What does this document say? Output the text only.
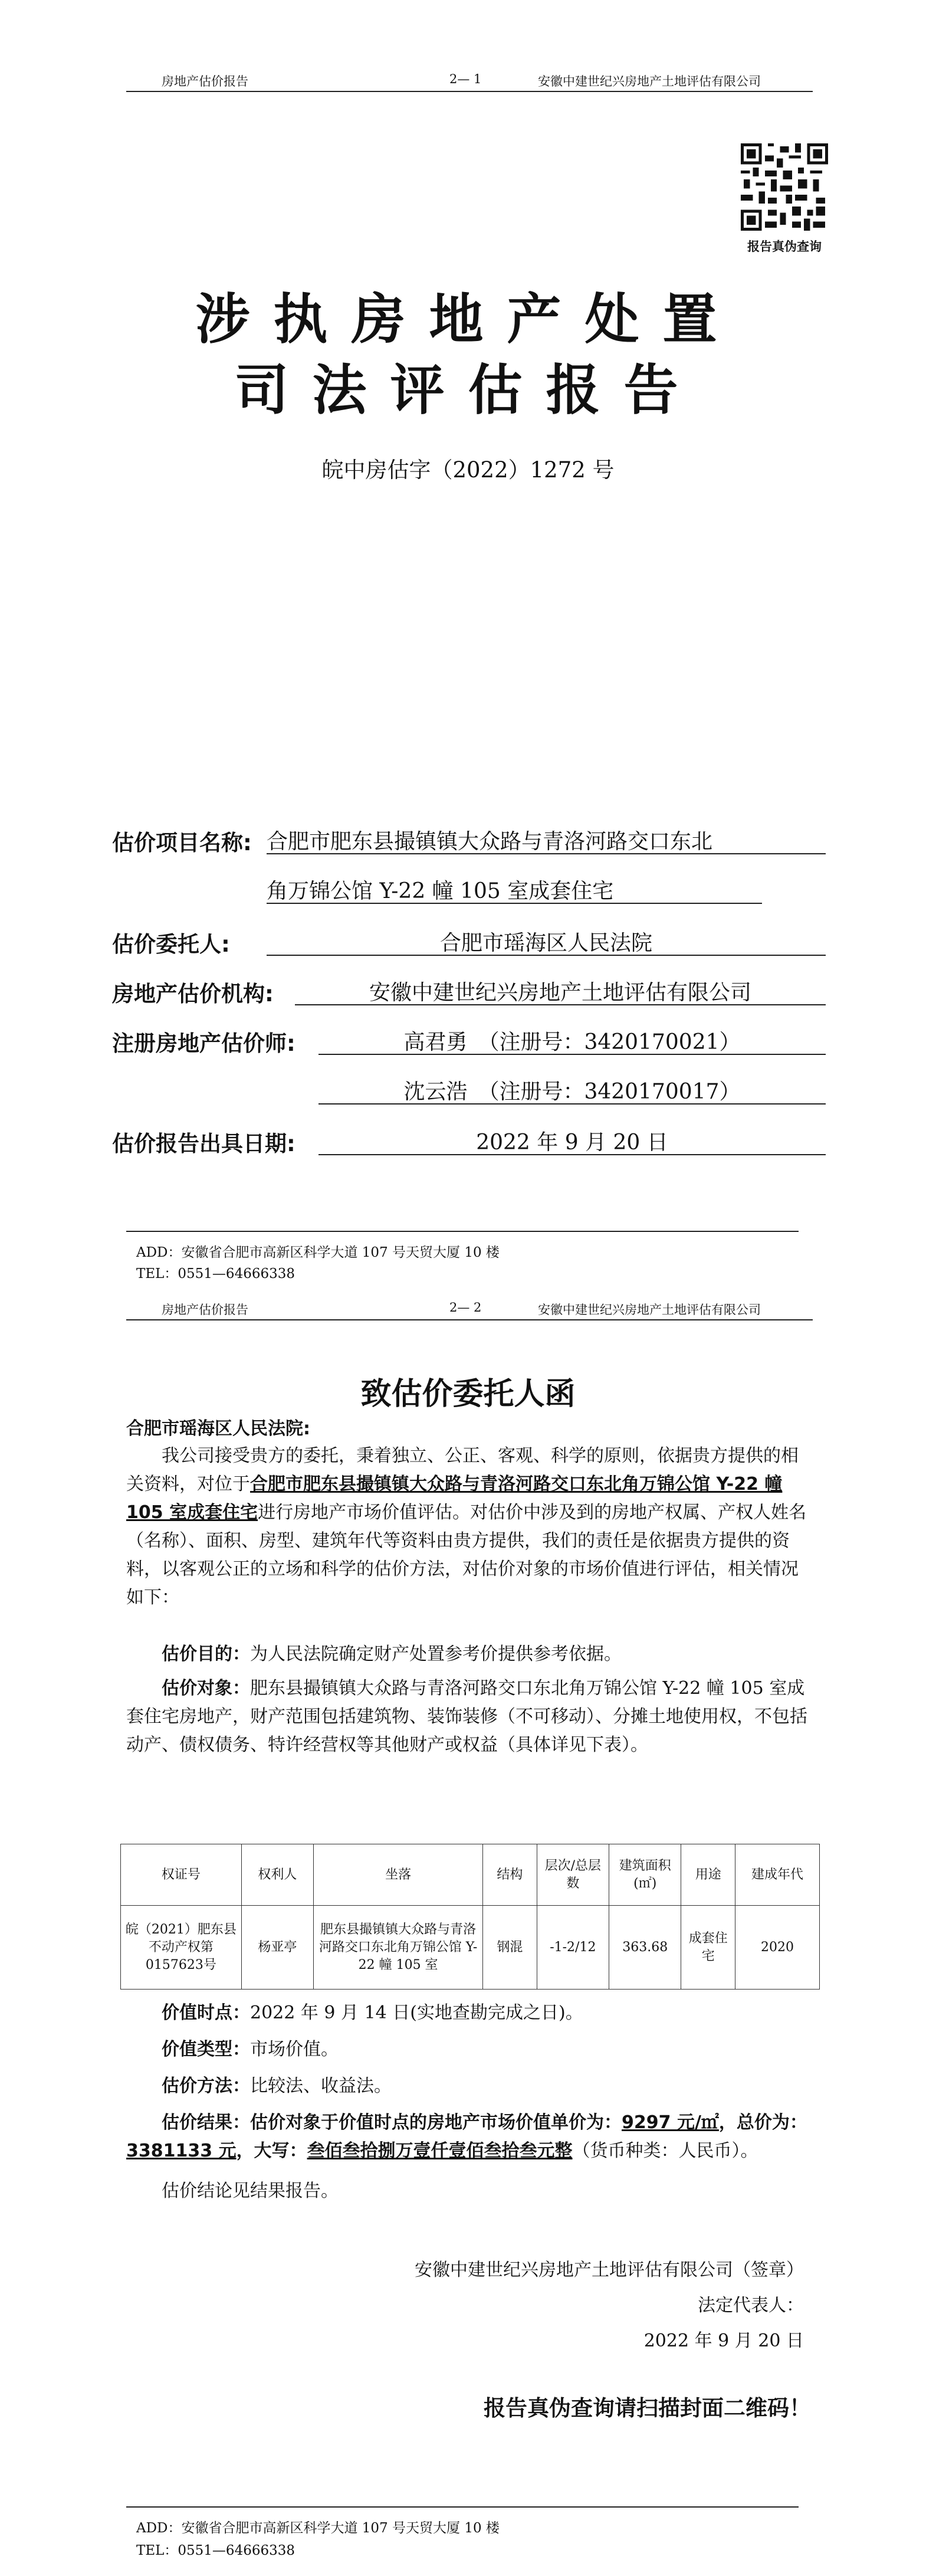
房地产估价报告	2— 1	安徽中建世纪兴房地产土地评估有限公司
报告真伪查询
涉执房地产处置
司法评估报告
皖中房估字（2022）1272 号
估价项目名称: 合肥市肥东县撮镇镇大众路与青洛河路交口东北
角万锦公馆 Y-22 幢 105 室成套住宅
估价委托人:	合肥市瑶海区人民法院
房地产估价机构:	安徽中建世纪兴房地产土地评估有限公司
注册房地产估价师:	高君勇　（注册号：3420170021）
沈云浩　（注册号：3420170017）
估价报告出具日期:	2022 年 9 月 20 日
ADD：安徽省合肥市高新区科学大道 107 号天贸大厦 10 楼
TEL：0551—64666338
房地产估价报告	2— 2	安徽中建世纪兴房地产土地评估有限公司
致估价委托人函
合肥市瑶海区人民法院:
我公司接受贵方的委托，秉着独立、公正、客观、科学的原则，依据贵方提供的相关资料，对位于合肥市肥东县撮镇镇大众路与青洛河路交口东北角万锦公馆 Y-22 幢 105 室成套住宅进行房地产市场价值评估。对估价中涉及到的房地产权属、产权人姓名（名称）、面积、房型、建筑年代等资料由贵方提供，我们的责任是依据贵方提供的资料，以客观公正的立场和科学的估价方法，对估价对象的市场价值进行评估，相关情况如下：
估价目的：为人民法院确定财产处置参考价提供参考依据。
估价对象：肥东县撮镇镇大众路与青洛河路交口东北角万锦公馆 Y-22 幢 105 室成套住宅房地产，财产范围包括建筑物、装饰装修（不可移动）、分摊土地使用权，不包括动产、债权债务、特许经营权等其他财产或权益（具体详见下表）。
权证号	权利人	坐落	结构	层次/总层数	建筑面积(㎡)	用途	建成年代
皖（2021）肥东县不动产权第0157623号	杨亚亭	肥东县撮镇镇大众路与青洛河路交口东北角万锦公馆 Y-22 幢 105 室	钢混	-1-2/12	363.68	成套住宅	2020
价值时点：2022 年 9 月 14 日(实地查勘完成之日)。
价值类型：市场价值。
估价方法：比较法、收益法。
估价结果：估价对象于价值时点的房地产市场价值单价为：9297 元/㎡，总价为：3381133 元，大写：叁佰叁拾捌万壹仟壹佰叁拾叁元整（货币种类：人民币）。
估价结论见结果报告。
安徽中建世纪兴房地产土地评估有限公司（签章）
法定代表人：
2022 年 9 月 20 日
报告真伪查询请扫描封面二维码！
ADD：安徽省合肥市高新区科学大道 107 号天贸大厦 10 楼
TEL：0551—64666338
